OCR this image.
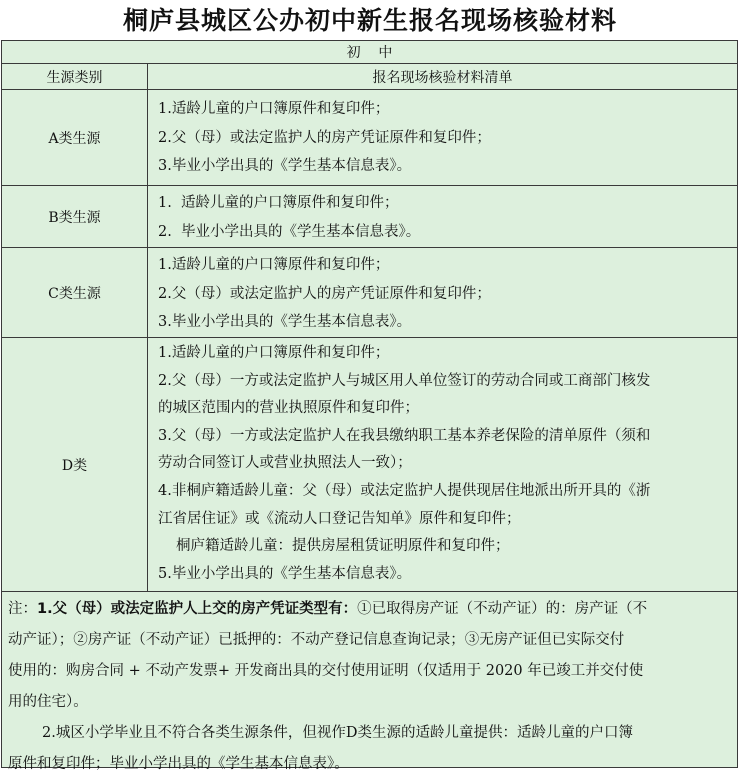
桐庐县城区公办初中新生报名现场核验材料
初    中
生源类别	报名现场核验材料清单
A类生源
1.适龄儿童的户口簿原件和复印件；
2.父（母）或法定监护人的房产凭证原件和复印件；
3.毕业小学出具的《学生基本信息表》。
B类生源
1.  适龄儿童的户口簿原件和复印件；
2.  毕业小学出具的《学生基本信息表》。
C类生源
1.适龄儿童的户口簿原件和复印件；
2.父（母）或法定监护人的房产凭证原件和复印件；
3.毕业小学出具的《学生基本信息表》。
D类
1.适龄儿童的户口簿原件和复印件；
2.父（母）一方或法定监护人与城区用人单位签订的劳动合同或工商部门核发
的城区范围内的营业执照原件和复印件；
3.父（母）一方或法定监护人在我县缴纳职工基本养老保险的清单原件（须和
劳动合同签订人或营业执照法人一致）；
4.非桐庐籍适龄儿童：父（母）或法定监护人提供现居住地派出所开具的《浙
江省居住证》或《流动人口登记告知单》原件和复印件；
桐庐籍适龄儿童：提供房屋租赁证明原件和复印件；
5.毕业小学出具的《学生基本信息表》。
注：1.父（母）或法定监护人上交的房产凭证类型有：①已取得房产证（不动产证）的：房产证（不
动产证）；②房产证（不动产证）已抵押的：不动产登记信息查询记录；③无房产证但已实际交付
使用的：购房合同 + 不动产发票+ 开发商出具的交付使用证明（仅适用于 2020 年已竣工并交付使
用的住宅）。
2.城区小学毕业且不符合各类生源条件，但视作D类生源的适龄儿童提供：适龄儿童的户口簿
原件和复印件；毕业小学出具的《学生基本信息表》。
